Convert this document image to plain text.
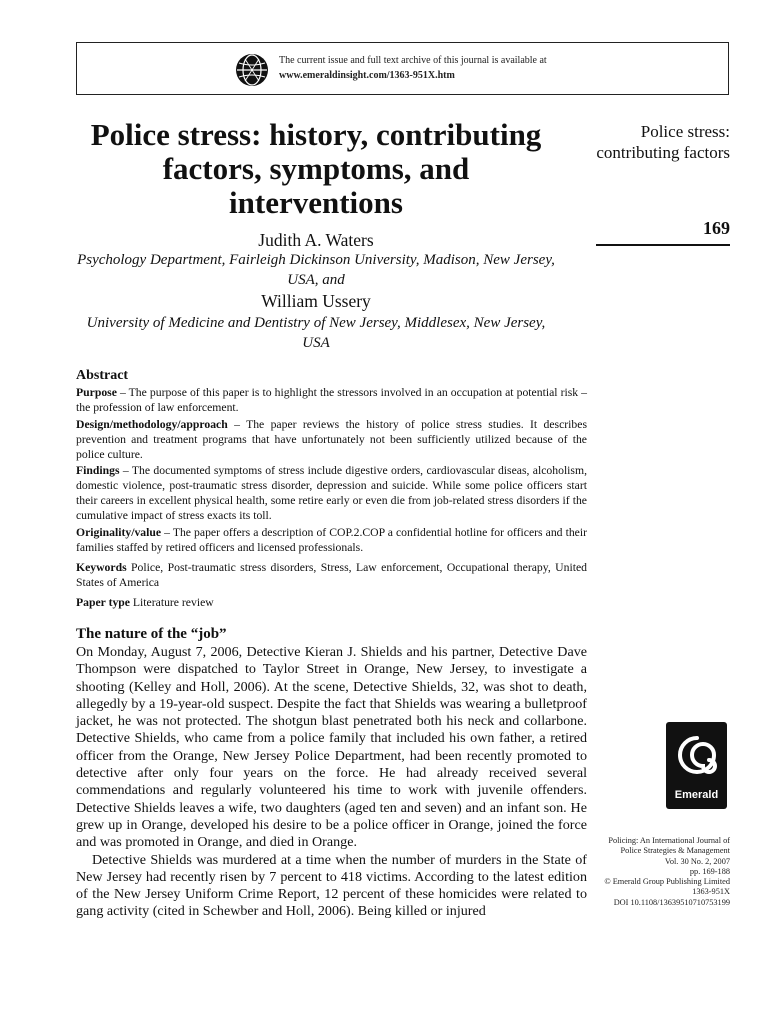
The current issue and full text archive of this journal is available at
www.emeraldinsight.com/1363-951X.htm
Police stress: history, contributing factors, symptoms, and interventions
Judith A. Waters
Psychology Department, Fairleigh Dickinson University, Madison, New Jersey, USA, and
William Ussery
University of Medicine and Dentistry of New Jersey, Middlesex, New Jersey, USA
Police stress: contributing factors
169
Abstract

Purpose – The purpose of this paper is to highlight the stressors involved in an occupation at potential risk – the profession of law enforcement.

Design/methodology/approach – The paper reviews the history of police stress studies. It describes prevention and treatment programs that have unfortunately not been sufficiently utilized because of the police culture.

Findings – The documented symptoms of stress include digestive orders, cardiovascular diseas, alcoholism, domestic violence, post-traumatic stress disorder, depression and suicide. While some police officers start their careers in excellent physical health, some retire early or even die from job-related stress disorders if the cumulative impact of stress exacts its toll.

Originality/value – The paper offers a description of COP.2.COP a confidential hotline for officers and their families staffed by retired officers and licensed professionals.

Keywords Police, Post-traumatic stress disorders, Stress, Law enforcement, Occupational therapy, United States of America

Paper type Literature review

The nature of the “job”

On Monday, August 7, 2006, Detective Kieran J. Shields and his partner, Detective Dave Thompson were dispatched to Taylor Street in Orange, New Jersey, to investigate a shooting (Kelley and Holl, 2006). At the scene, Detective Shields, 32, was shot to death, allegedly by a 19-year-old suspect. Despite the fact that Shields was wearing a bulletproof jacket, he was not protected. The shotgun blast penetrated both his neck and collarbone. Detective Shields, who came from a police family that included his own father, a retired officer from the Orange, New Jersey Police Department, had been recently promoted to detective after only four years on the force. He had already received several commendations and regularly volunteered his time to work with juvenile offenders. Detective Shields leaves a wife, two daughters (aged ten and seven) and an infant son. He grew up in Orange, developed his desire to be a police officer in Orange, joined the force and was promoted in Orange, and died in Orange.

Detective Shields was murdered at a time when the number of murders in the State of New Jersey had recently risen by 7 percent to 418 victims. According to the latest edition of the New Jersey Uniform Crime Report, 12 percent of these homicides were related to gang activity (cited in Schewber and Holl, 2006). Being killed or injured

Emerald
Policing: An International Journal of
Police Strategies & Management
Vol. 30 No. 2, 2007
pp. 169-188
© Emerald Group Publishing Limited
1363-951X
DOI 10.1108/13639510710753199
